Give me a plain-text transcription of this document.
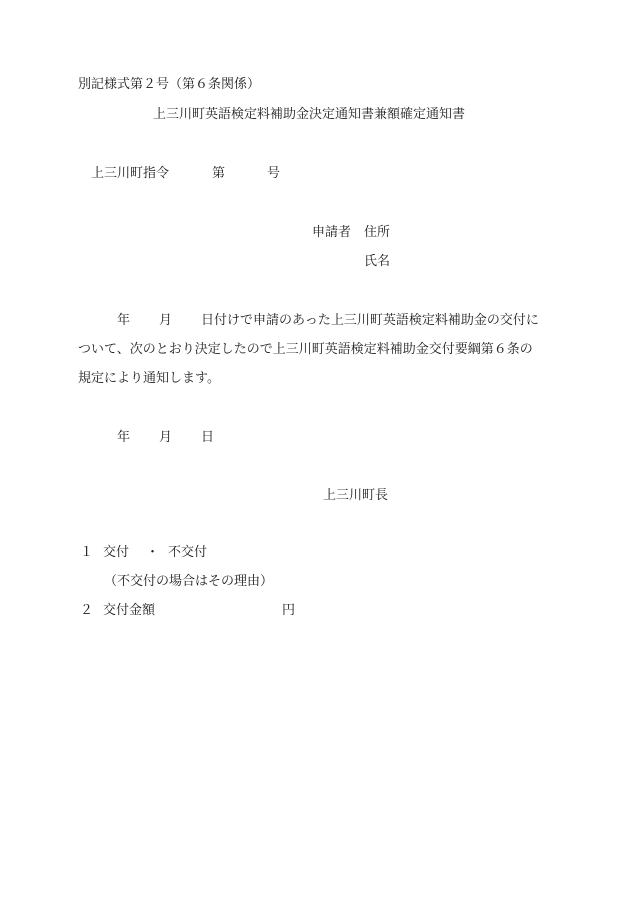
別記様式第２号（第６条関係）
上三川町英語検定料補助金決定通知書兼額確定通知書
上三川町指令	第	号
申請者 住所
氏名
年 月 日付けで申請のあった上三川町英語検定料補助金の交付に
ついて、次のとおり決定したので上三川町英語検定料補助金交付要綱第６条の
規定により通知します。
年 月 日
上三川町長
１ 交付 ・ 不交付
（不交付の場合はその理由）
２ 交付金額	円
